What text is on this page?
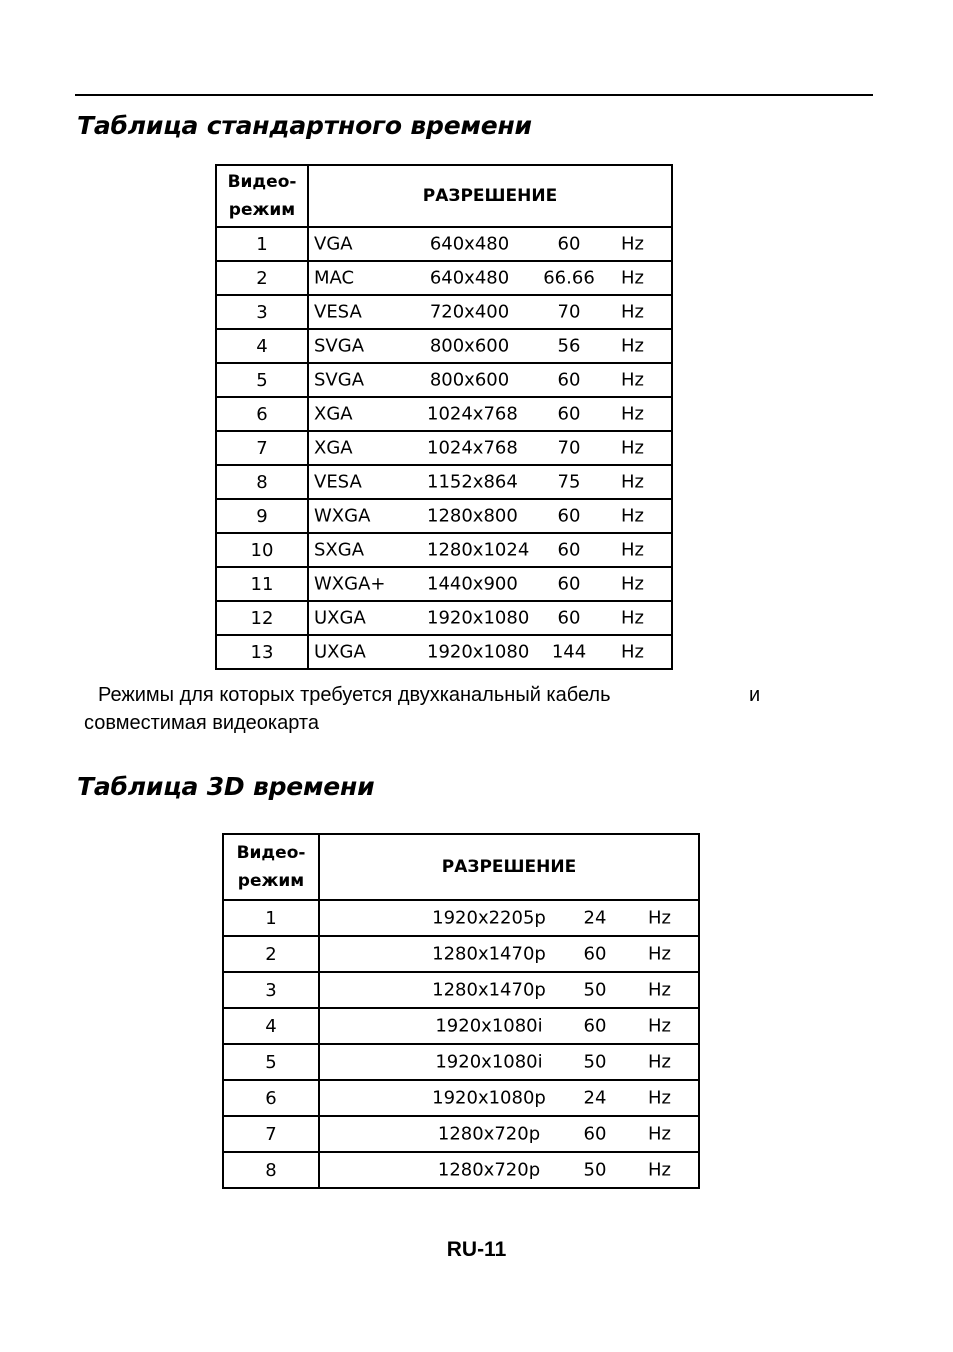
Таблица стандартного времени
Видео-
режим	РАЗРЕШЕНИЕ
1	VGA 640x480 60 Hz

2	MAC 640x480 66.66 Hz

3	VESA 720x400 70 Hz

4	SVGA 800x600 56 Hz

5	SVGA 800x600 60 Hz

6	XGA 1024x768 60 Hz

7	XGA 1024x768 70 Hz

8	VESA 1152x864 75 Hz

9	WXGA 1280x800 60 Hz

10	SXGA 1280x1024 60 Hz

11	WXGA+ 1440x900 60 Hz

12	UXGA 1920x1080 60 Hz

13	UXGA 1920x1080 144 Hz
Режимы для которых требуется двухканальный кабель	и
совместимая видеокарта
Таблица 3D времени
Видео-
режим	РАЗРЕШЕНИЕ
1	1920x2205p 24 Hz

2	1280x1470p 60 Hz

3	1280x1470p 50 Hz

4	1920x1080i 60 Hz

5	1920x1080i 50 Hz

6	1920x1080p 24 Hz

7	1280x720p 60 Hz

8	1280x720p 50 Hz
RU-11
